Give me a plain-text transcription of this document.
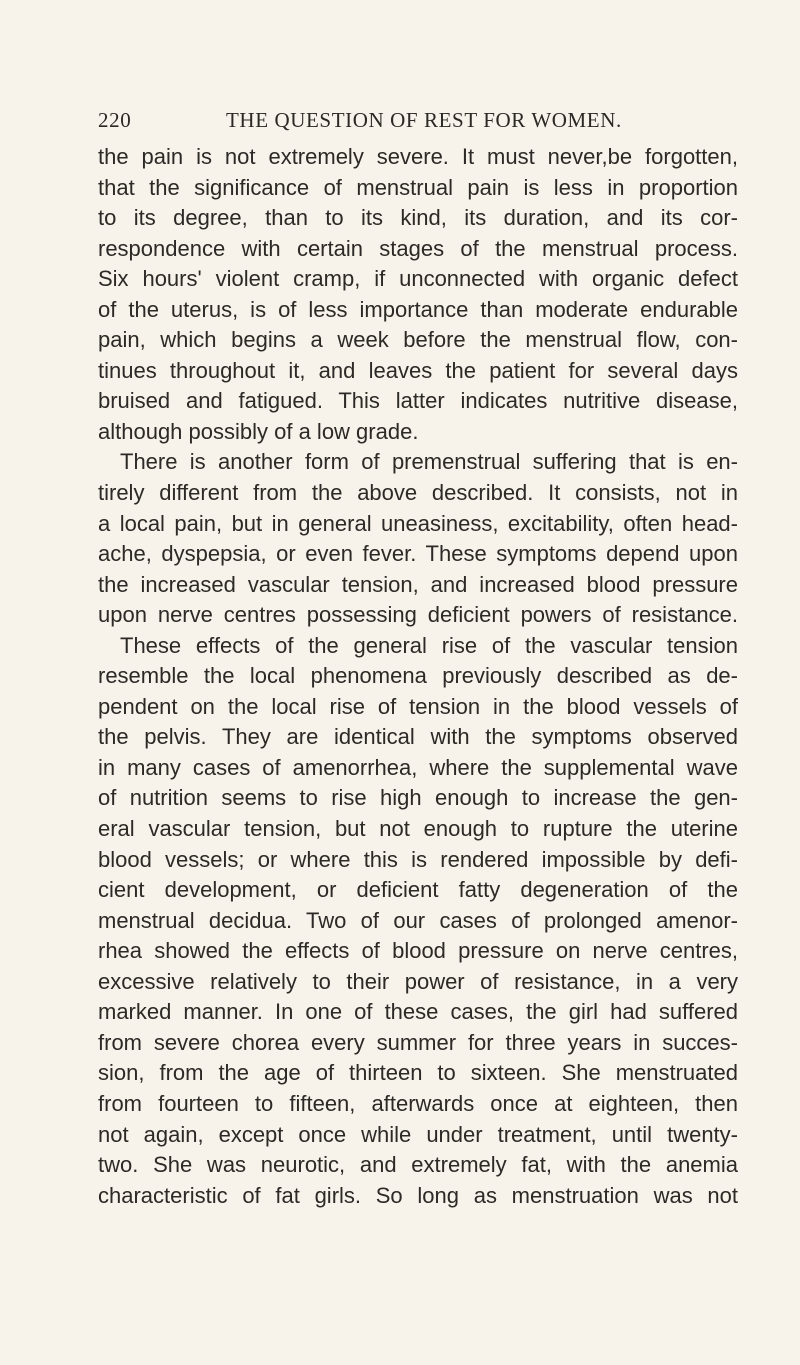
220	THE QUESTION OF REST FOR WOMEN.
the pain is not extremely severe. It must never,be forgotten,
that the significance of menstrual pain is less in proportion
to its degree, than to its kind, its duration, and its cor-
respondence with certain stages of the menstrual process.
Six hours' violent cramp, if unconnected with organic defect
of the uterus, is of less importance than moderate endurable
pain, which begins a week before the menstrual flow, con-
tinues throughout it, and leaves the patient for several days
bruised and fatigued. This latter indicates nutritive disease,
although possibly of a low grade.
There is another form of premenstrual suffering that is en-
tirely different from the above described. It consists, not in
a local pain, but in general uneasiness, excitability, often head-
ache, dyspepsia, or even fever. These symptoms depend upon
the increased vascular tension, and increased blood pressure
upon nerve centres possessing deficient powers of resistance.
These effects of the general rise of the vascular tension
resemble the local phenomena previously described as de-
pendent on the local rise of tension in the blood vessels of
the pelvis. They are identical with the symptoms observed
in many cases of amenorrhea, where the supplemental wave
of nutrition seems to rise high enough to increase the gen-
eral vascular tension, but not enough to rupture the uterine
blood vessels; or where this is rendered impossible by defi-
cient development, or deficient fatty degeneration of the
menstrual decidua. Two of our cases of prolonged amenor-
rhea showed the effects of blood pressure on nerve centres,
excessive relatively to their power of resistance, in a very
marked manner. In one of these cases, the girl had suffered
from severe chorea every summer for three years in succes-
sion, from the age of thirteen to sixteen. She menstruated
from fourteen to fifteen, afterwards once at eighteen, then
not again, except once while under treatment, until twenty-
two. She was neurotic, and extremely fat, with the anemia
characteristic of fat girls. So long as menstruation was not
